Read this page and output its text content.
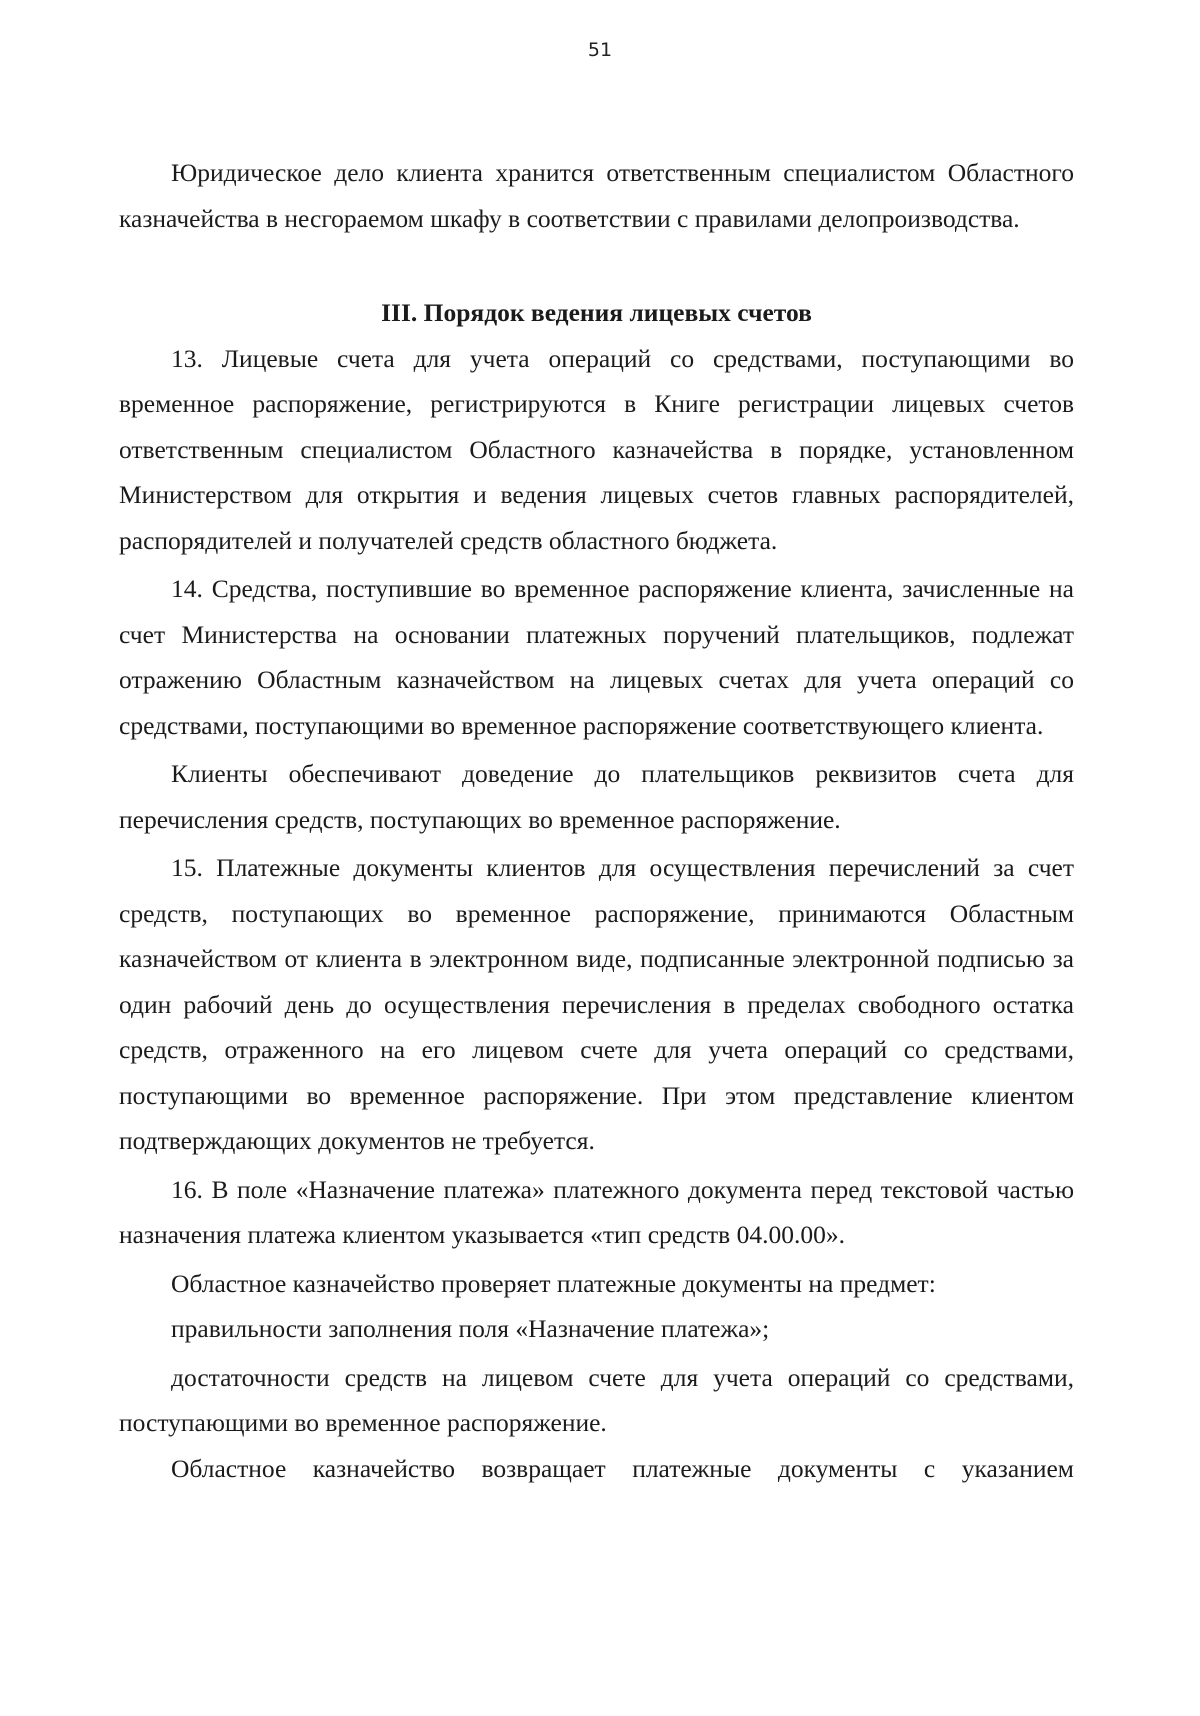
51

Юридическое дело клиента хранится ответственным специалистом Областного казначейства в несгораемом шкафу в соответствии с правилами делопроизводства.

III. Порядок ведения лицевых счетов

13. Лицевые счета для учета операций со средствами, поступающими во временное распоряжение, регистрируются в Книге регистрации лицевых счетов ответственным специалистом Областного казначейства в порядке, установленном Министерством для открытия и ведения лицевых счетов главных распорядителей, распорядителей и получателей средств областного бюджета.

14. Средства, поступившие во временное распоряжение клиента, зачисленные на счет Министерства на основании платежных поручений плательщиков, подлежат отражению Областным казначейством на лицевых счетах для учета операций со средствами, поступающими во временное распоряжение соответствующего клиента.

Клиенты обеспечивают доведение до плательщиков реквизитов счета для перечисления средств, поступающих во временное распоряжение.

15. Платежные документы клиентов для осуществления перечислений за счет средств, поступающих во временное распоряжение, принимаются Областным казначейством от клиента в электронном виде, подписанные электронной подписью за один рабочий день до осуществления перечисления в пределах свободного остатка средств, отраженного на его лицевом счете для учета операций со средствами, поступающими во временное распоряжение. При этом представление клиентом подтверждающих документов не требуется.

16. В поле «Назначение платежа» платежного документа перед текстовой частью назначения платежа клиентом указывается «тип средств 04.00.00».

Областное казначейство проверяет платежные документы на предмет:

правильности заполнения поля «Назначение платежа»;

достаточности средств на лицевом счете для учета операций со средствами, поступающими во временное распоряжение.

Областное казначейство возвращает платежные документы с указанием
